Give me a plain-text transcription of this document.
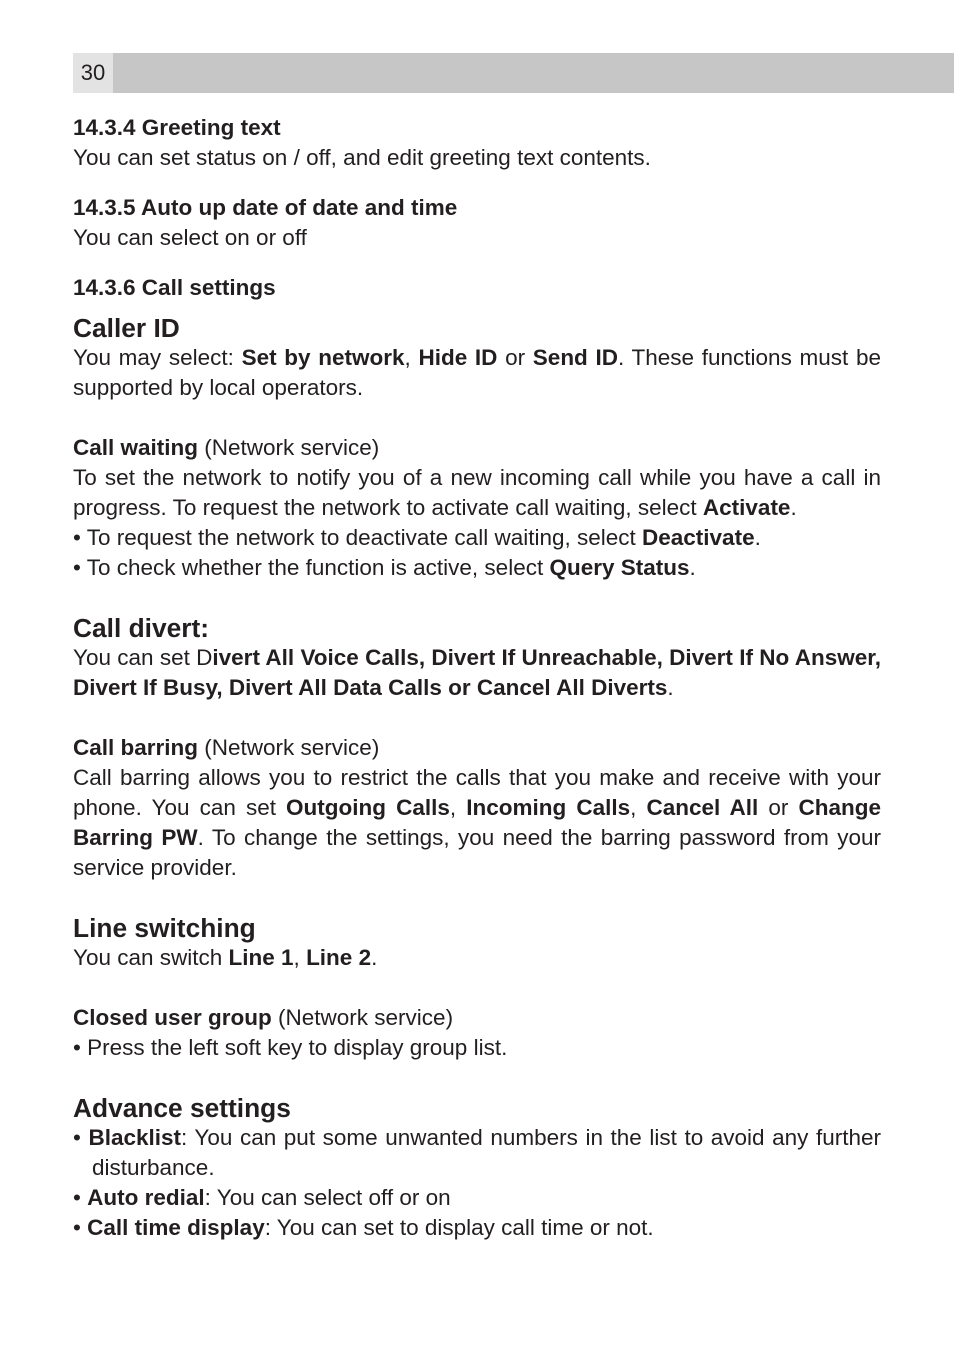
30
14.3.4 Greeting text

You can set status on / off, and edit greeting text contents.

14.3.5 Auto up date of date and time

You can select on or off

14.3.6 Call settings
Caller ID

You may select: Set by network, Hide ID or Send ID. These functions must be supported by local operators.

Call waiting (Network service)

To set the network to notify you of a new incoming call while you have a call in progress. To request the network to activate call waiting, select Activate.

• To request the network to deactivate call waiting, select Deactivate.

• To check whether the function is active, select Query Status.

Call divert:

You can set Divert All Voice Calls, Divert If Unreachable, Divert If No Answer, Divert If Busy, Divert All Data Calls or Cancel All Diverts.

Call barring (Network service)

Call barring allows you to restrict the calls that you make and receive with your phone. You can set Outgoing Calls, Incoming Calls, Cancel All or Change Barring PW. To change the settings, you need the barring password from your service provider.

Line switching

You can switch Line 1, Line 2.

Closed user group (Network service)

• Press the left soft key to display group list.

Advance settings

• Blacklist: You can put some unwanted numbers in the list to avoid any further disturbance.

• Auto redial: You can select off or on

• Call time display: You can set to display call time or not.
